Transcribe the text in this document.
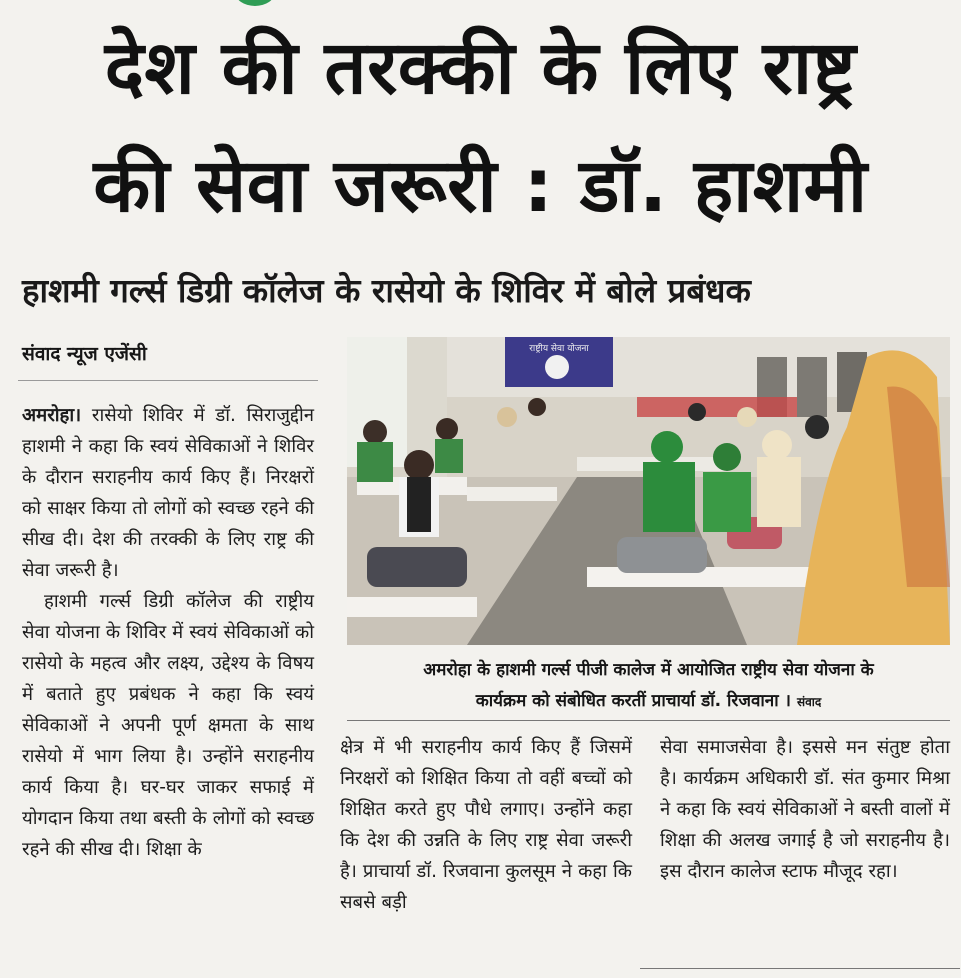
देश की तरक्की के लिए राष्ट्र
की सेवा जरूरी : डॉ. हाशमी
हाशमी गर्ल्स डिग्री कॉलेज के रासेयो के शिविर में बोले प्रबंधक
संवाद न्यूज एजेंसी

अमरोहा। रासेयो शिविर में डॉ. सिराजुद्दीन हाशमी ने कहा कि स्वयं सेविकाओं ने शिविर के दौरान सराहनीय कार्य किए हैं। निरक्षरों को साक्षर किया तो लोगों को स्वच्छ रहने की सीख दी। देश की तरक्की के लिए राष्ट्र की सेवा जरूरी है।

हाशमी गर्ल्स डिग्री कॉलेज की राष्ट्रीय सेवा योजना के शिविर में स्वयं सेविकाओं को रासेयो के महत्व और लक्ष्य, उद्देश्य के विषय में बताते हुए प्रबंधक ने कहा कि स्वयं सेविकाओं ने अपनी पूर्ण क्षमता के साथ रासेयो में भाग लिया है। उन्होंने सराहनीय कार्य किया है। घर-घर जाकर सफाई में योगदान किया तथा बस्ती के लोगों को स्वच्छ रहने की सीख दी। शिक्षा के

राष्ट्रीय सेवा योजना
अमरोहा के हाशमी गर्ल्स पीजी कालेज में आयोजित राष्ट्रीय सेवा योजना के
कार्यक्रम को संबोधित करतीं प्राचार्या डॉ. रिजवाना । संवाद
क्षेत्र में भी सराहनीय कार्य किए हैं जिसमें निरक्षरों को शिक्षित किया तो वहीं बच्चों को शिक्षित करते हुए पौधे लगाए। उन्होंने कहा कि देश की उन्नति के लिए राष्ट्र सेवा जरूरी है। प्राचार्या डॉ. रिजवाना कुलसूम ने कहा कि सबसे बड़ी
सेवा समाजसेवा है। इससे मन संतुष्ट होता है। कार्यक्रम अधिकारी डॉ. संत कुमार मिश्रा ने कहा कि स्वयं सेविकाओं ने बस्ती वालों में शिक्षा की अलख जगाई है जो सराहनीय है। इस दौरान कालेज स्टाफ मौजूद रहा।
